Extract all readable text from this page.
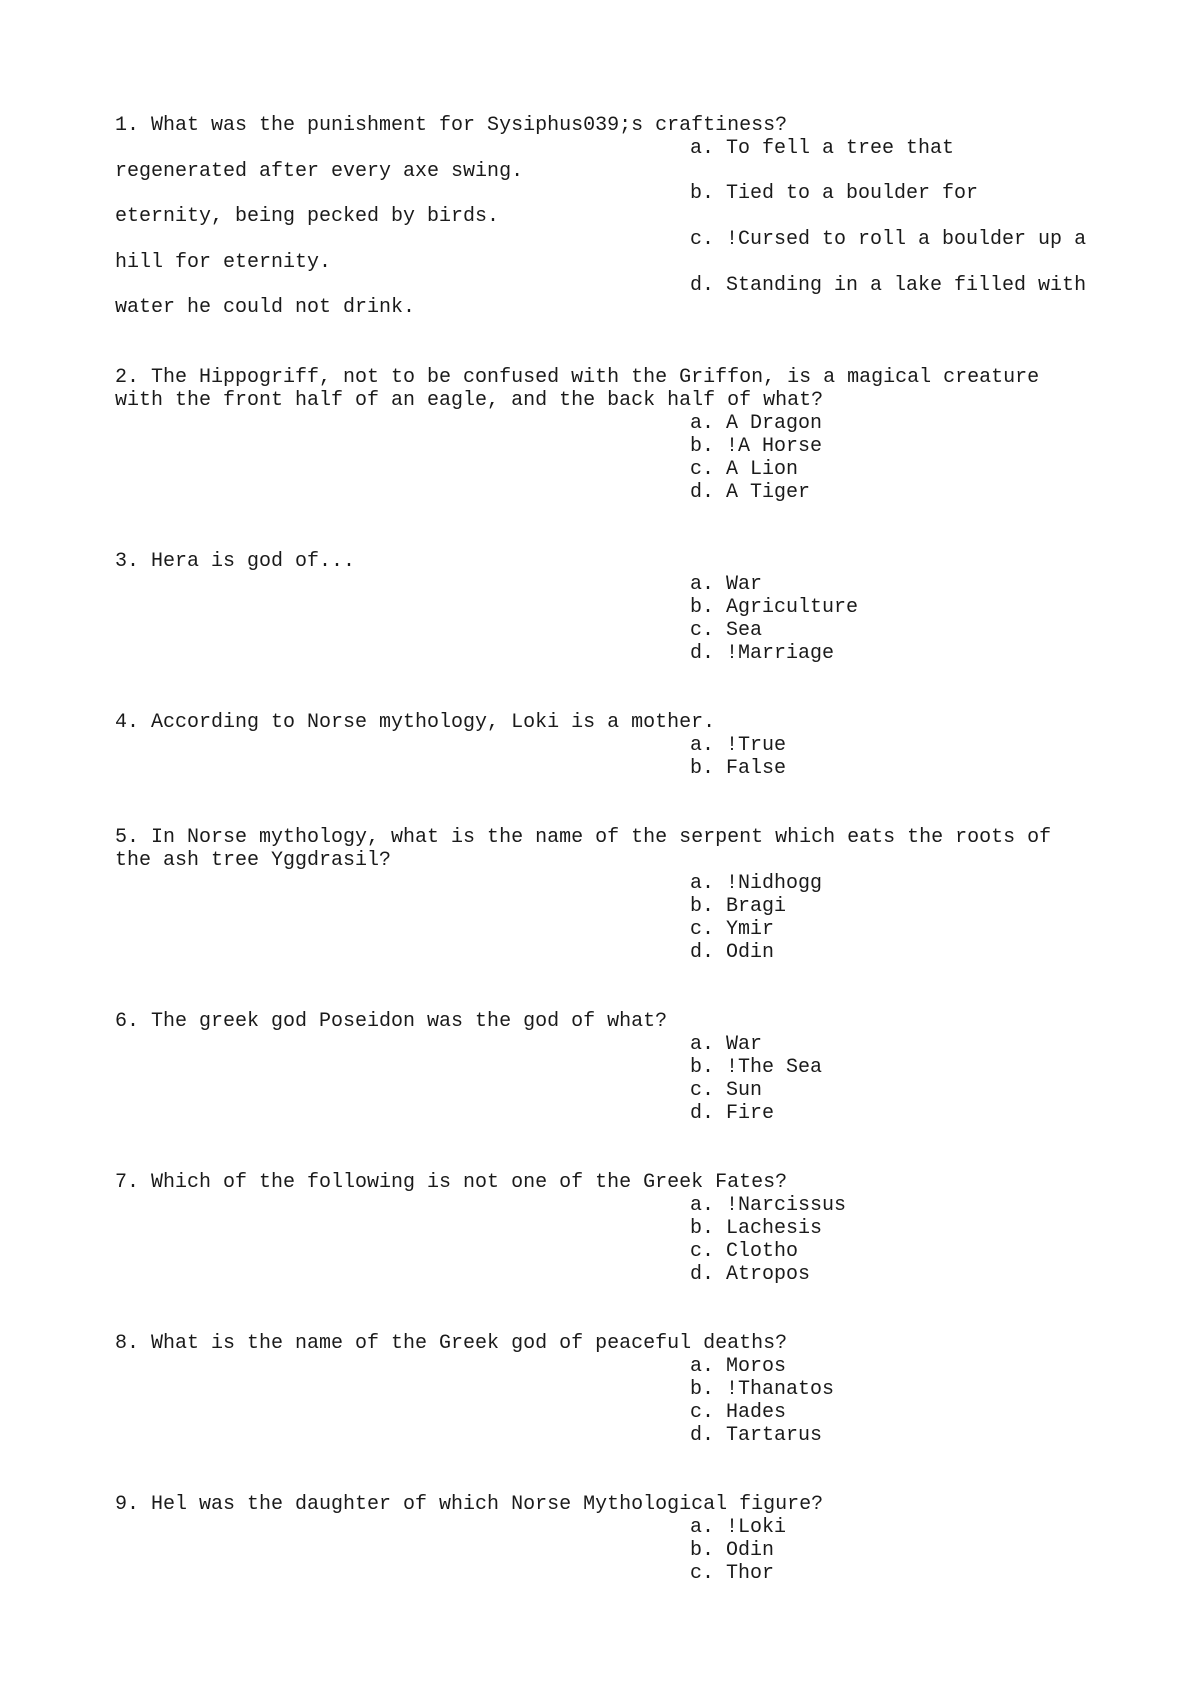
1. What was the punishment for Sysiphus039;s craftiness?

a. To fell a tree that

regenerated after every axe swing.

b. Tied to a boulder for

eternity, being pecked by birds.

c. !Cursed to roll a boulder up a

hill for eternity.

d. Standing in a lake filled with

water he could not drink.

2. The Hippogriff, not to be confused with the Griffon, is a magical creature

with the front half of an eagle, and the back half of what?

a. A Dragon

b. !A Horse

c. A Lion

d. A Tiger

3. Hera is god of...

a. War

b. Agriculture

c. Sea

d. !Marriage

4. According to Norse mythology, Loki is a mother.

a. !True

b. False

5. In Norse mythology, what is the name of the serpent which eats the roots of

the ash tree Yggdrasil?

a. !Nidhogg

b. Bragi

c. Ymir

d. Odin

6. The greek god Poseidon was the god of what?

a. War

b. !The Sea

c. Sun

d. Fire

7. Which of the following is not one of the Greek Fates?

a. !Narcissus

b. Lachesis

c. Clotho

d. Atropos

8. What is the name of the Greek god of peaceful deaths?

a. Moros

b. !Thanatos

c. Hades

d. Tartarus

9. Hel was the daughter of which Norse Mythological figure?

a. !Loki

b. Odin

c. Thor
